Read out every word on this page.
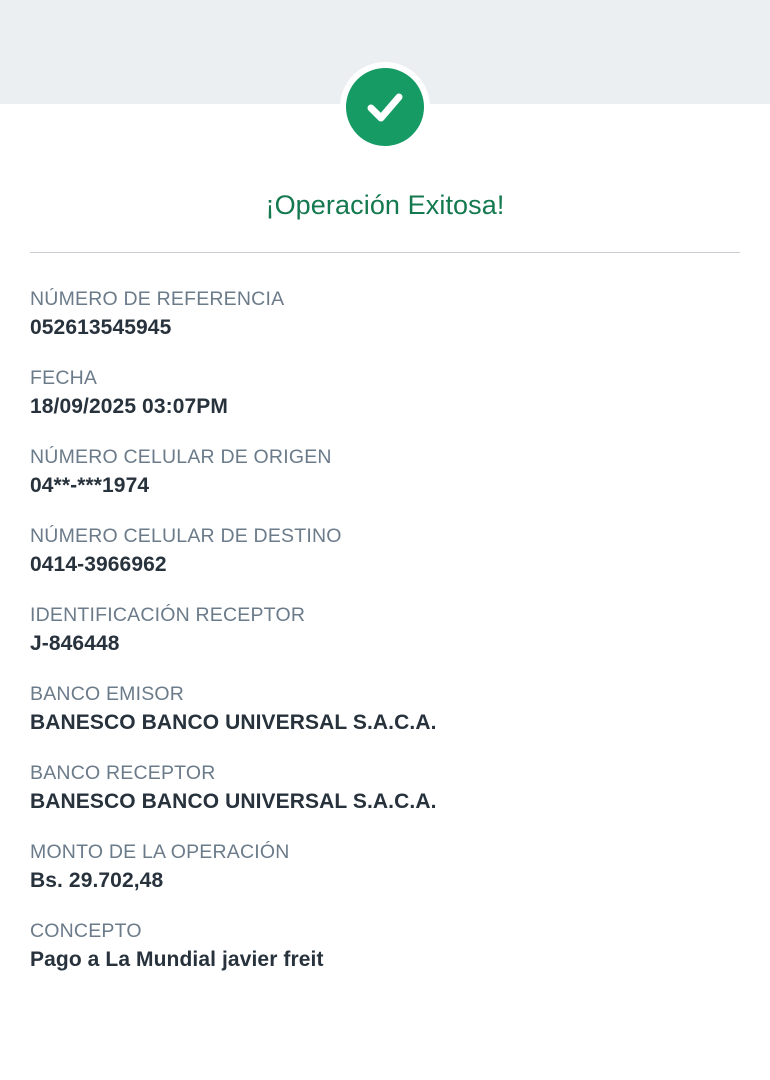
¡Operación Exitosa!
NÚMERO DE REFERENCIA
052613545945
FECHA
18/09/2025 03:07PM
NÚMERO CELULAR DE ORIGEN
04**-***1974
NÚMERO CELULAR DE DESTINO
0414-3966962
IDENTIFICACIÓN RECEPTOR
J-846448
BANCO EMISOR
BANESCO BANCO UNIVERSAL S.A.C.A.
BANCO RECEPTOR
BANESCO BANCO UNIVERSAL S.A.C.A.
MONTO DE LA OPERACIÓN
Bs. 29.702,48
CONCEPTO
Pago a La Mundial javier freit
